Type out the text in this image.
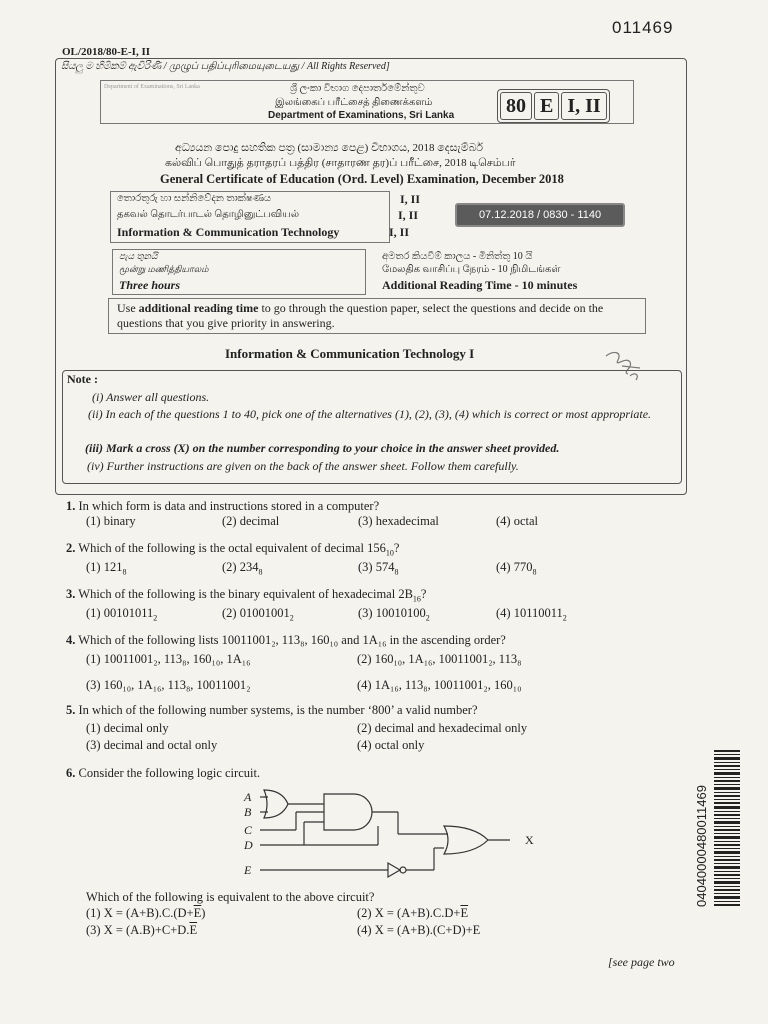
011469
OL/2018/80-E-I, II
සියලු ම හිමිකම් ඇවිරිණි / முழுப் பதிப்புரிமையுடையது / All Rights Reserved]
Department of Examinations, Sri Lanka	ශ්‍රී ලංකා විභාග දෙපාර්තමේන්තුව
இலங்கைப் பரீட்சைத் திணைக்களம்
Department of Examinations, Sri Lanka	80 E I, II
අධ්‍යයන පොදු සහතික පත්‍ර (සාමාන්‍ය පෙළ) විභාගය, 2018 දෙසැම්බර්
கல்விப் பொதுத் தராதரப் பத்திர (சாதாரண தர)ப் பரீட்சை, 2018 டிசெம்பர்
General Certificate of Education (Ord. Level) Examination, December 2018
තොරතුරු හා සන්නිවේදන තාක්ෂණය
தகவல் தொடர்பாடல் தொழினுட்பவியல்
Information & Communication Technology
I, II
I, II
I, II
07.12.2018 / 0830 - 1140
පැය තුනයි
மூன்று மணித்தியாலம்
Three hours
අමතර කියවීම් කාලය - මිනිත්තු 10 යි
மேலதிக வாசிப்பு நேரம் - 10 நிமிடங்கள்
Additional Reading Time - 10 minutes
Use additional reading time to go through the question paper, select the questions and decide on the questions that you give priority in answering.
Information & Communication Technology I
Note :
(i) Answer all questions.
(ii) In each of the questions 1 to 40, pick one of the alternatives (1), (2), (3), (4) which is correct or most appropriate.
(iii) Mark a cross (X) on the number corresponding to your choice in the answer sheet provided.
(iv) Further instructions are given on the back of the answer sheet. Follow them carefully.
1. In which form is data and instructions stored in a computer?
(1) binary	(2) decimal	(3) hexadecimal	(4) octal
2. Which of the following is the octal equivalent of decimal $156_{10}$?
(1) $121_8$	(2) $234_8$	(3) $574_8$	(4) $770_8$
3. Which of the following is the binary equivalent of hexadecimal $2B_{16}$?
(1) $00101011_2$	(2) $01001001_2$	(3) $10010100_2$	(4) $10110011_2$
4. Which of the following lists 10011001₂, 113₈, 160₁₀ and 1A₁₆ in the ascending order?
(1) 10011001₂, 113₈, 160₁₀, 1A₁₆	(2) 160₁₀, 1A₁₆, 10011001₂, 113₈
(3) 160₁₀, 1A₁₆, 113₈, 10011001₂	(4) 1A₁₆, 113₈, 10011001₂, 160₁₀
5. In which of the following number systems, is the number ‘800’ a valid number?
(1) decimal only	(2) decimal and hexadecimal only
(3) decimal and octal only	(4) octal only
6. Consider the following logic circuit.
A
B
C
D
E
X
Which of the following is equivalent to the above circuit?
(1) $X = (A+B).C.(D+\overline{E})$	(2) $X = (A+B).C.D+\overline{E}$
(3) $X = (A.B)+C+D.\overline{E}$	(4) X = (A+B).(C+D)+E
04040000480011469
[see page two
